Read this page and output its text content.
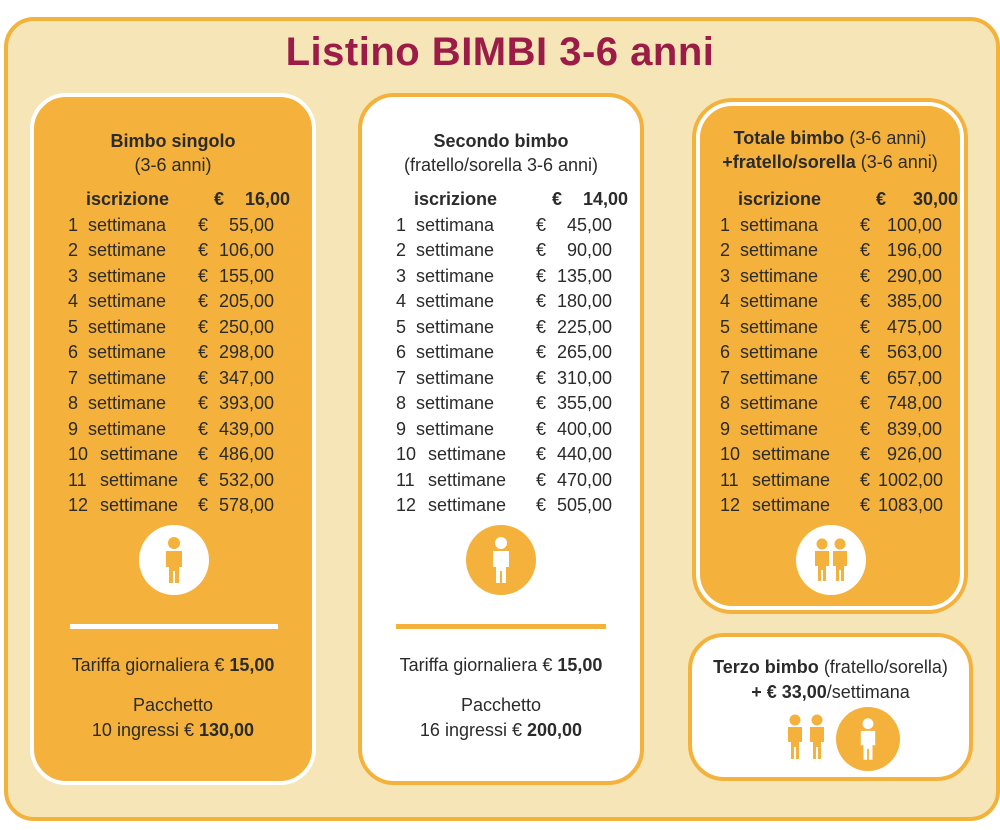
Listino BIMBI 3-6 anni
Bimbo singolo
(3-6 anni)
iscrizione	€	16,00
1 settimana	€	55,00
2 settimane	€ 106,00
3 settimane	€ 155,00
4 settimane	€ 205,00
5 settimane	€ 250,00
6 settimane	€ 298,00
7 settimane	€ 347,00
8 settimane	€ 393,00
9 settimane	€ 439,00
10 settimane	€ 486,00
11 settimane	€ 532,00
12 settimane	€ 578,00
Tariffa giornaliera € 15,00
Pacchetto
10 ingressi € 130,00
Secondo bimbo
(fratello/sorella 3-6 anni)
iscrizione	€	14,00
1 settimana	€	45,00
2 settimane	€	90,00
3 settimane	€ 135,00
4 settimane	€ 180,00
5 settimane	€ 225,00
6 settimane	€ 265,00
7 settimane	€ 310,00
8 settimane	€ 355,00
9 settimane	€ 400,00
10 settimane	€ 440,00
11 settimane	€ 470,00
12 settimane	€ 505,00
Tariffa giornaliera € 15,00
Pacchetto
16 ingressi € 200,00
Totale bimbo (3-6 anni)
+fratello/sorella (3-6 anni)
iscrizione	€	30,00
1 settimana	€ 100,00
2 settimane	€ 196,00
3 settimane	€ 290,00
4 settimane	€ 385,00
5 settimane	€ 475,00
6 settimane	€ 563,00
7 settimane	€ 657,00
8 settimane	€ 748,00
9 settimane	€ 839,00
10 settimane	€ 926,00
11 settimane	€ 1002,00
12 settimane	€ 1083,00
Terzo bimbo (fratello/sorella)
+ € 33,00/settimana
